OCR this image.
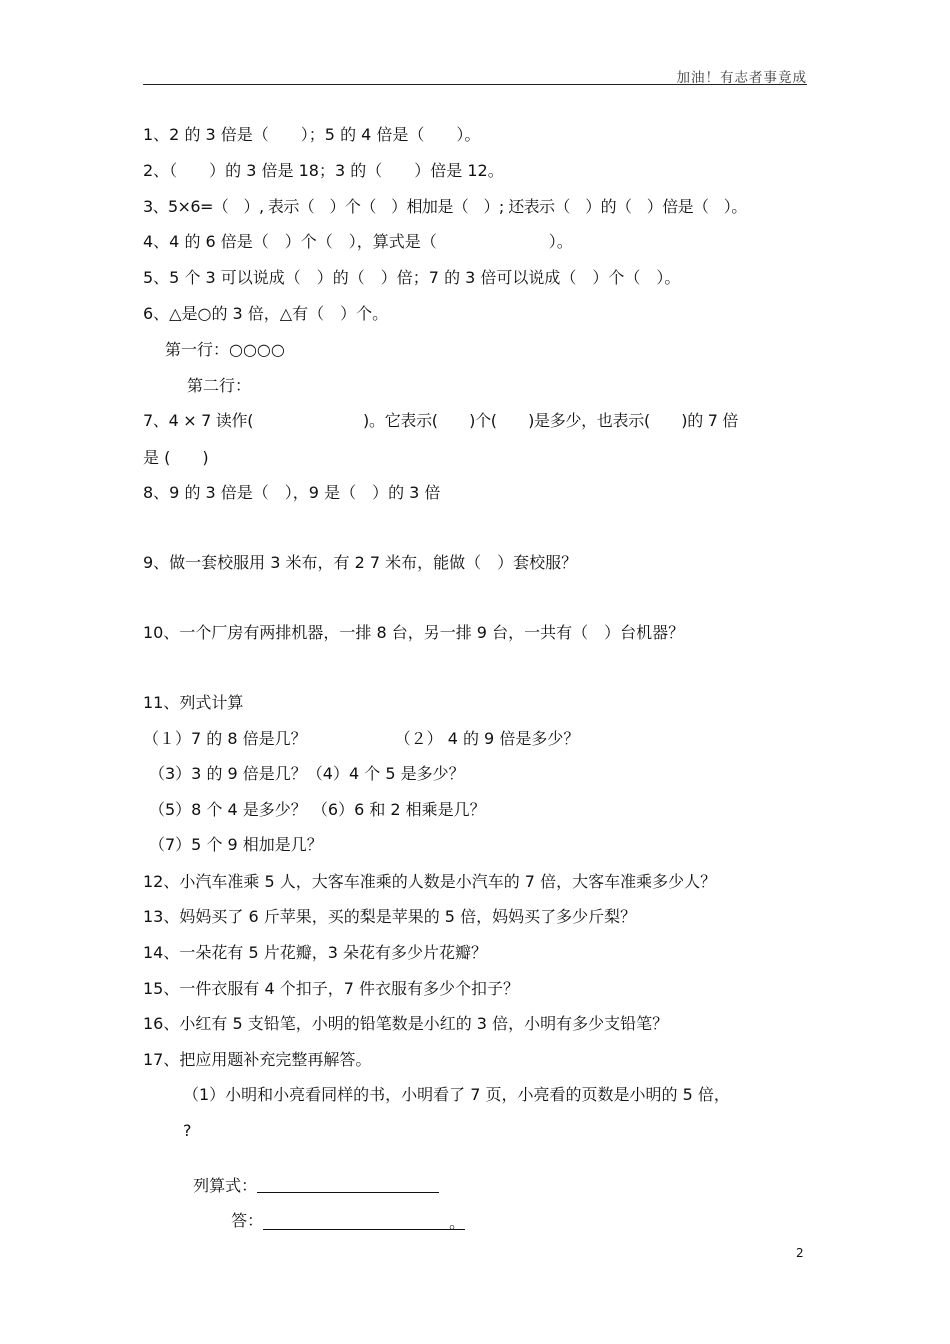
加油！有志者事竟成
1、2 的 3 倍是（　　）；5 的 4 倍是（　　）。
2、（　　）的 3 倍是 18；3 的（　　）倍是 12。
3、5×6=（　）, 表示（　）个（　）相加是（　）; 还表示（　）的（　）倍是（　）。
4、4 的 6 倍是（　）个（　），算式是（　　　　　　　）。
5、5 个 3 可以说成（　）的（　）倍；7 的 3 倍可以说成（　）个（　）。
6、△是○的 3 倍，△有（　）个。
第一行：○○○○
第二行：
7、4 × 7 读作(　　　　　　　)。它表示(　　)个(　　)是多少，也表示(　　)的 7 倍
是 (　　)
8、9 的 3 倍是（　），9 是（　）的 3 倍
9、做一套校服用 3 米布，有 2 7 米布，能做（　）套校服？
10、一个厂房有两排机器，一排 8 台，另一排 9 台，一共有（　）台机器？
11、列式计算
（１）7 的 8 倍是几？　　　　　　（２） 4 的 9 倍是多少？
（3）3 的 9 倍是几？（4）4 个 5 是多少？
（5）8 个 4 是多少？ （6）6 和 2 相乘是几？
（7）5 个 9 相加是几？
12、小汽车准乘 5 人，大客车准乘的人数是小汽车的 7 倍，大客车准乘多少人？
13、妈妈买了 6 斤苹果，买的梨是苹果的 5 倍，妈妈买了多少斤梨？
14、一朵花有 5 片花瓣，3 朵花有多少片花瓣？
15、一件衣服有 4 个扣子，7 件衣服有多少个扣子？
16、小红有 5 支铅笔，小明的铅笔数是小红的 3 倍，小明有多少支铅笔？
17、把应用题补充完整再解答。
（1）小明和小亮看同样的书，小明看了 7 页，小亮看的页数是小明的 5 倍，
?

列算式：

答：	。

2
